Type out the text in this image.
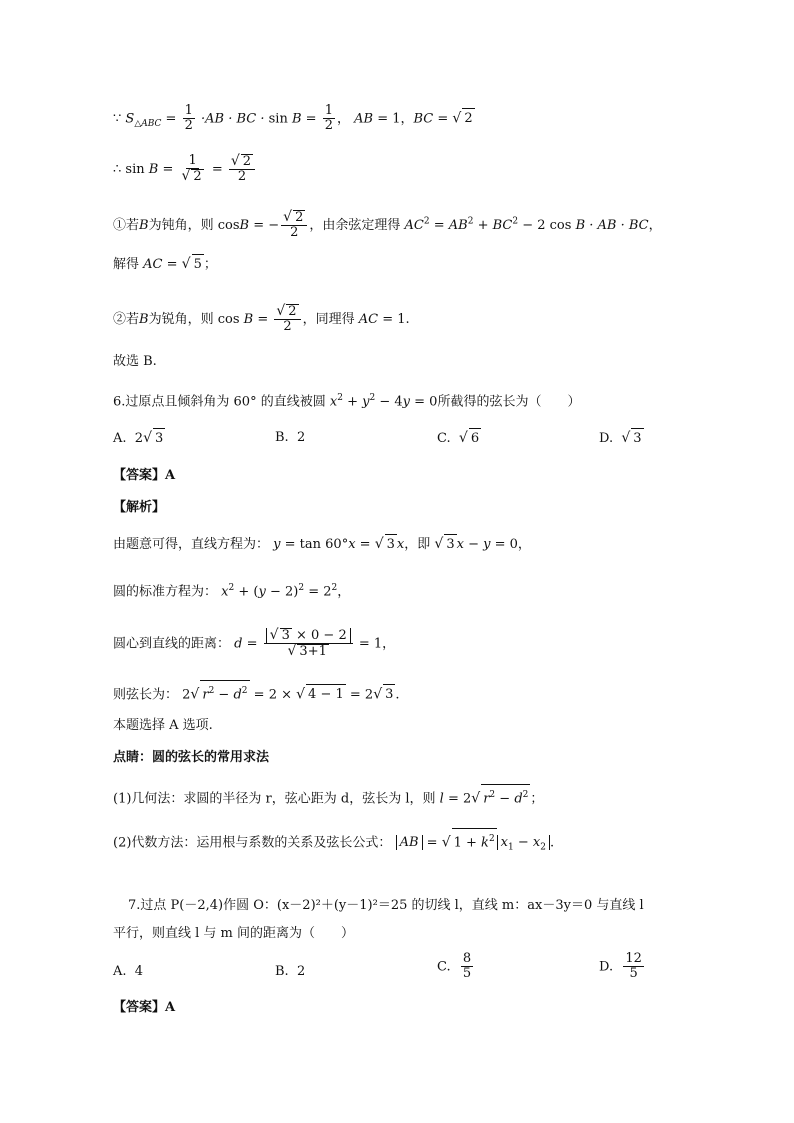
∵ $S_{\triangle ABC} = \frac{1}{2} \cdot AB$ · BC · $\sin B = \frac{1}{2}$ ， AB = 1，BC = √ 2
∴ $\sin B = \frac{1}{√ 2} = \frac{√ 2}{2}$
①若B为钝角，则 cosB = − $\frac{√ 2}{2}$ ，由余弦定理得 $AC^2 = AB^2 + BC^2 - 2$ cos B · AB · BC，
解得 AC = √ 5 ；
②若B为锐角，则 $\cos B = \frac{√ 2}{2}$ ，同理得 AC = 1.
故选 B.
6.过原点且倾斜角为 60° 的直线被圆 $x^2 + y^2 - 4y = 0$所截得的弦长为（　　）
A.  2√ 3	B. 2	C. √ 6	D. √ 3
【答案】A
【解析】
由题意可得，直线方程为： y = tan 60°x = √ 3 x，即 √ 3 x − y = 0，
圆的标准方程为： $x^2 + (y - 2)^2 = 2^2$，
圆心到直线的距离： $d = \frac{√ 3 \times 0 - 2}{√ 3+1} = 1$，
则弦长为： 2√ $r^2 - d^2 = 2$ × √ 4 − 1 = 2√ 3 .
本题选择 A 选项.
点睛：圆的弦长的常用求法
(1)几何法：求圆的半径为 r，弦心距为 d，弦长为 l，则 l = 2√ $r^2 - d^2$ ；
(2)代数方法：运用根与系数的关系及弦长公式： AB = √ $1 + k^2$ $x_1 - x_2$ .
7.过点 P(－2,4)作圆 O：(x－2)²＋(y－1)²＝25 的切线 l，直线 m：ax－3y＝0 与直线 l
平行，则直线 l 与 m 间的距离为（　　）
A. 4	B. 2	C. $\frac{8}{5}$	D. $\frac{12}{5}$
【答案】A
